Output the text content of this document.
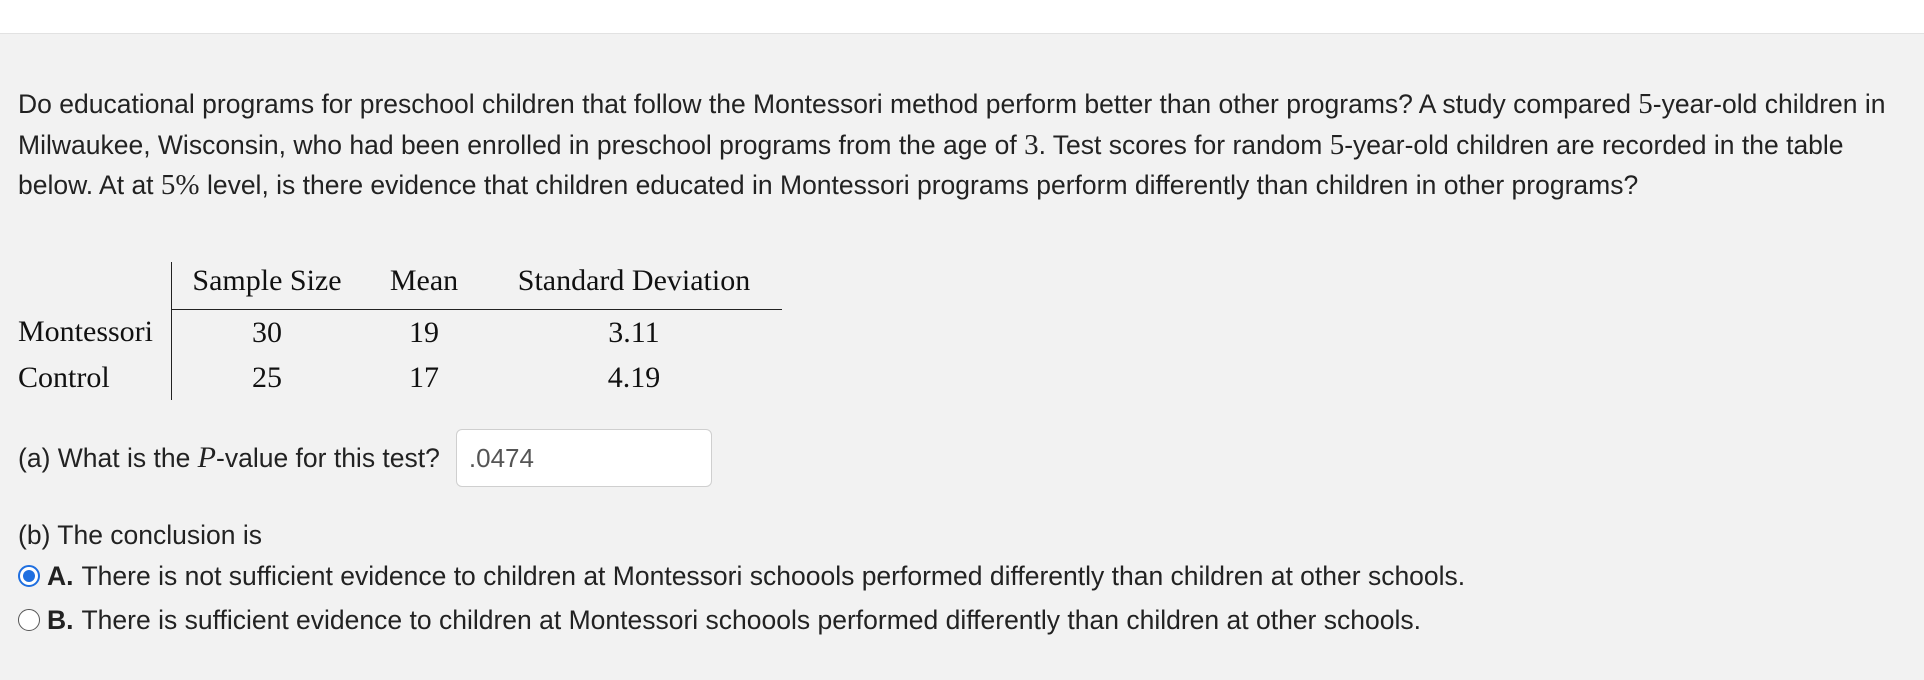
Do educational programs for preschool children that follow the Montessori method perform better than other programs? A study compared 5-year-old children in Milwaukee, Wisconsin, who had been enrolled in preschool programs from the age of 3. Test scores for random 5-year-old children are recorded in the table below. At at 5% level, is there evidence that children educated in Montessori programs perform differently than children in other programs?

	Sample Size	Mean	Standard Deviation
Montessori	30	19	3.11
Control	25	17	4.19
(a) What is the P-value for this test?	.0474
(b) The conclusion is
A. There is not sufficient evidence to children at Montessori schoools performed differently than children at other schools.
B. There is sufficient evidence to children at Montessori schoools performed differently than children at other schools.
